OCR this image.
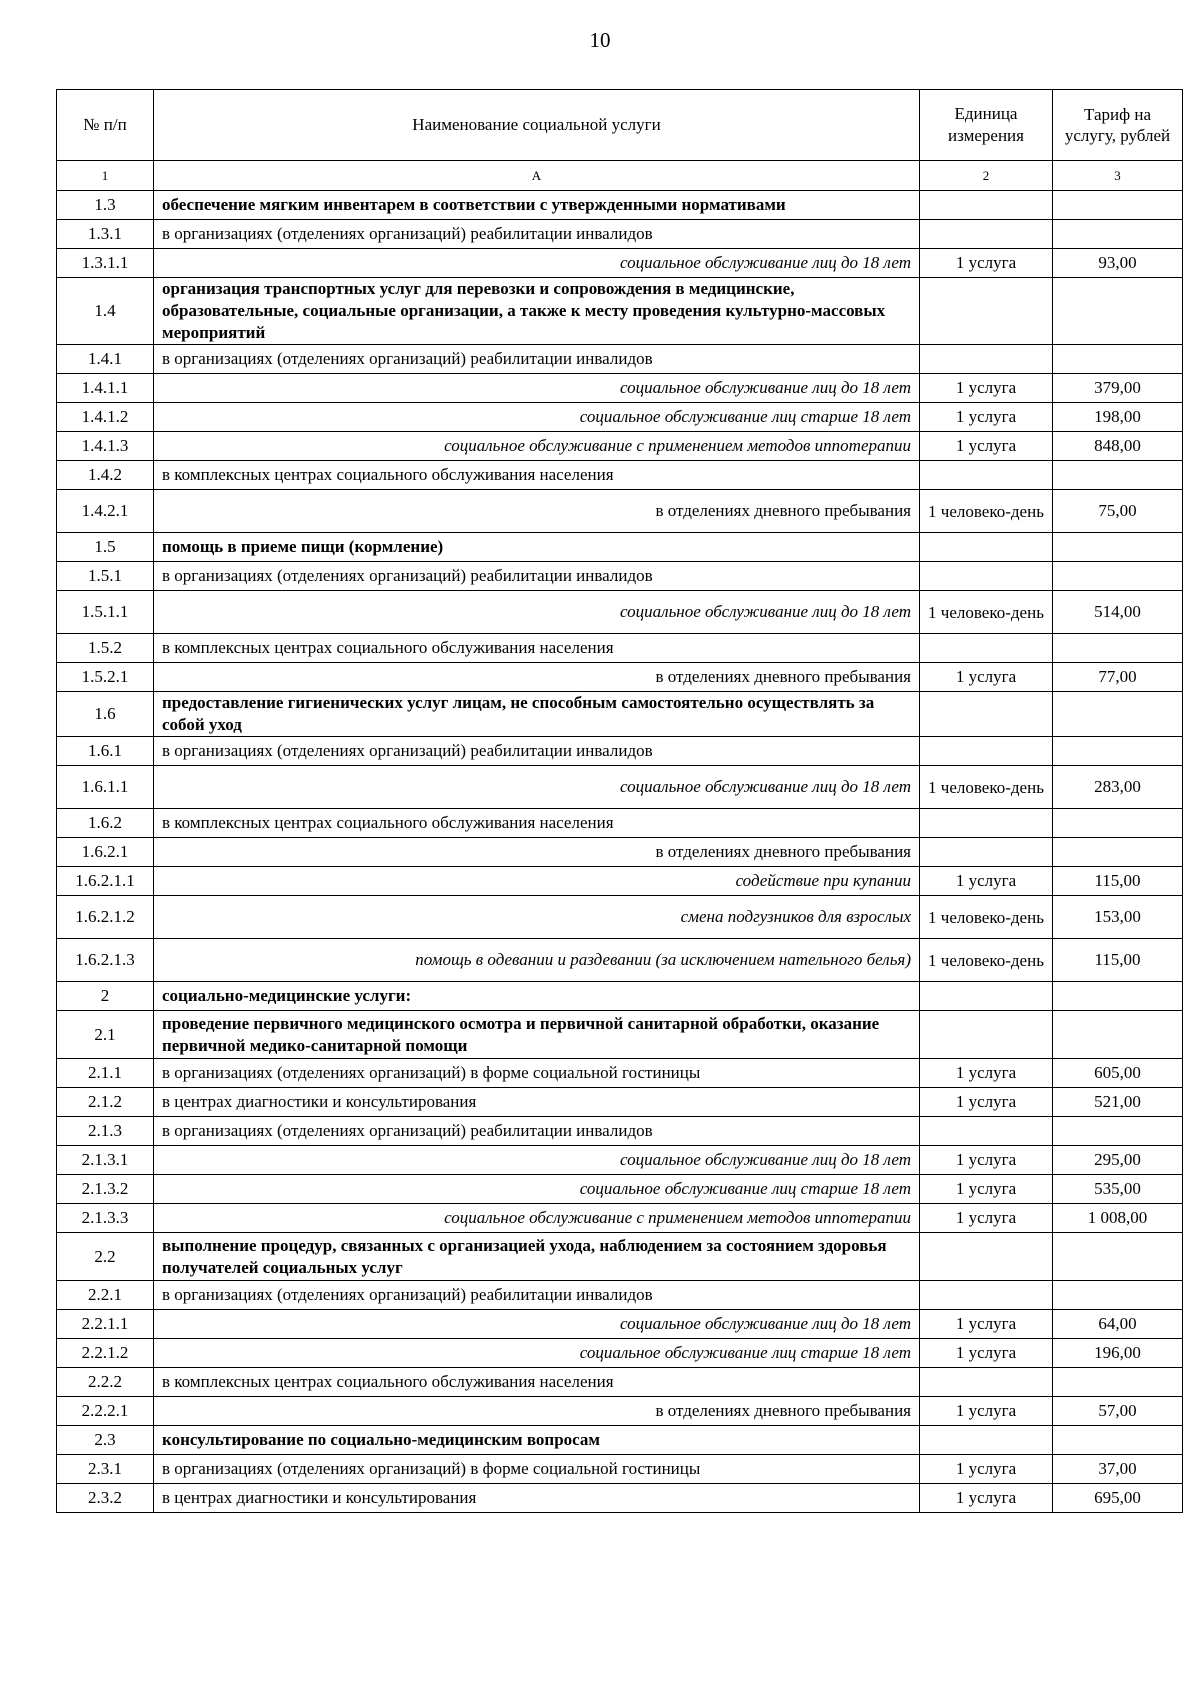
10
№ п/п	Наименование социальной услуги	Единица измерения	Тариф на услугу, рублей
1	А	2	3
1.3	обеспечение мягким инвентарем в соответствии с утвержденными нормативами		
1.3.1	в организациях (отделениях организаций) реабилитации инвалидов		
1.3.1.1	социальное обслуживание лиц до 18 лет	1 услуга	93,00
1.4	организация транспортных услуг для перевозки и сопровождения в медицинские, образовательные, социальные организации, а также к месту проведения культурно-массовых мероприятий		
1.4.1	в организациях (отделениях организаций) реабилитации инвалидов		
1.4.1.1	социальное обслуживание лиц до 18 лет	1 услуга	379,00
1.4.1.2	социальное обслуживание лиц старше 18 лет	1 услуга	198,00
1.4.1.3	социальное обслуживание с применением методов иппотерапии	1 услуга	848,00
1.4.2	в комплексных центрах социального обслуживания населения		
1.4.2.1	в отделениях дневного пребывания	1 человеко-день	75,00
1.5	помощь в приеме пищи (кормление)		
1.5.1	в организациях (отделениях организаций) реабилитации инвалидов		
1.5.1.1	социальное обслуживание лиц до 18 лет	1 человеко-день	514,00
1.5.2	в комплексных центрах социального обслуживания населения		
1.5.2.1	в отделениях дневного пребывания	1 услуга	77,00
1.6	предоставление гигиенических услуг лицам, не способным самостоятельно осуществлять за собой уход		
1.6.1	в организациях (отделениях организаций) реабилитации инвалидов		
1.6.1.1	социальное обслуживание лиц до 18 лет	1 человеко-день	283,00
1.6.2	в комплексных центрах социального обслуживания населения		
1.6.2.1	в отделениях дневного пребывания		
1.6.2.1.1	содействие при купании	1 услуга	115,00
1.6.2.1.2	смена подгузников для взрослых	1 человеко-день	153,00
1.6.2.1.3	помощь в одевании и раздевании (за исключением нательного белья)	1 человеко-день	115,00
2	социально-медицинские услуги:		
2.1	проведение первичного медицинского осмотра и первичной санитарной обработки, оказание первичной медико-санитарной помощи		
2.1.1	в организациях (отделениях организаций) в форме социальной гостиницы	1 услуга	605,00
2.1.2	в центрах диагностики и консультирования	1 услуга	521,00
2.1.3	в организациях (отделениях организаций) реабилитации инвалидов		
2.1.3.1	социальное обслуживание лиц до 18 лет	1 услуга	295,00
2.1.3.2	социальное обслуживание лиц старше 18 лет	1 услуга	535,00
2.1.3.3	социальное обслуживание с применением методов иппотерапии	1 услуга	1 008,00
2.2	выполнение процедур, связанных с организацией ухода, наблюдением за состоянием здоровья получателей социальных услуг		
2.2.1	в организациях (отделениях организаций) реабилитации инвалидов		
2.2.1.1	социальное обслуживание лиц до 18 лет	1 услуга	64,00
2.2.1.2	социальное обслуживание лиц старше 18 лет	1 услуга	196,00
2.2.2	в комплексных центрах социального обслуживания населения		
2.2.2.1	в отделениях дневного пребывания	1 услуга	57,00
2.3	консультирование по социально-медицинским вопросам		
2.3.1	в организациях (отделениях организаций) в форме социальной гостиницы	1 услуга	37,00
2.3.2	в центрах диагностики и консультирования	1 услуга	695,00
